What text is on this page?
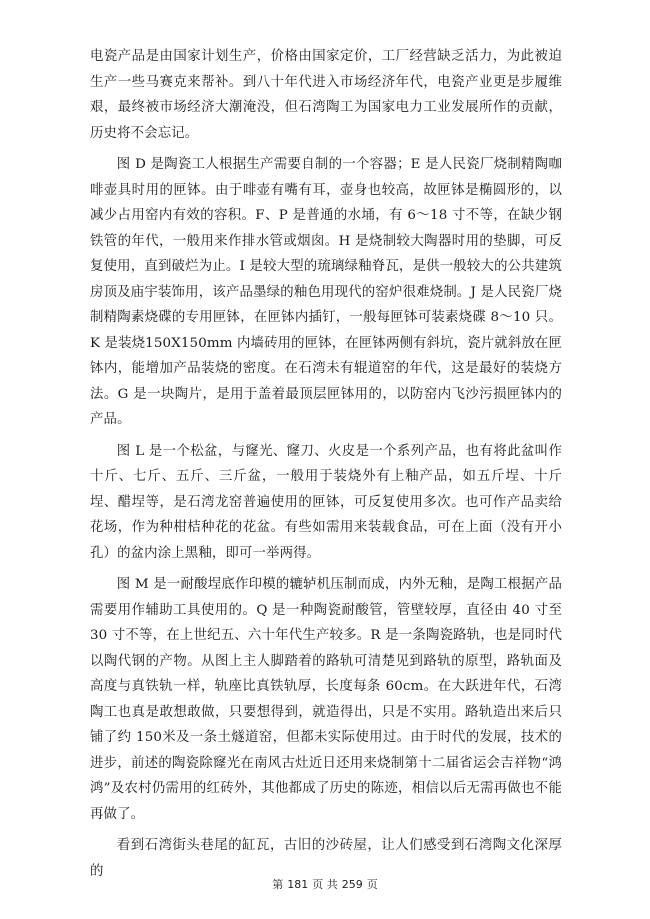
电瓷产品是由国家计划生产，价格由国家定价，工厂经营缺乏活力，为此被迫生产一些马赛克来帮补。到八十年代进入市场经济年代，电瓷产业更是步履维艰，最终被市场经济大潮淹没，但石湾陶工为国家电力工业发展所作的贡献，历史将不会忘记。

图 D 是陶瓷工人根据生产需要自制的一个容器；E 是人民瓷厂烧制精陶咖啡壶具时用的匣钵。由于啡壶有嘴有耳，壶身也较高，故匣钵是椭圆形的，以减少占用窑内有效的容积。F、P 是普通的水埇，有 6～18 寸不等，在缺少钢铁管的年代，一般用来作排水管或烟囱。H 是烧制较大陶器时用的垫脚，可反复使用，直到破烂为止。I 是较大型的琉璃绿釉脊瓦，是供一般较大的公共建筑房顶及庙宇装饰用，该产品墨绿的釉色用现代的窑炉很难烧制。J 是人民瓷厂烧制精陶素烧碟的专用匣钵，在匣钵内插钉，一般每匣钵可装素烧碟 8～10 只。K 是装烧150X150mm 内墙砖用的匣钵，在匣钵两侧有斜坑，瓷片就斜放在匣钵内，能增加产品装烧的密度。在石湾未有辊道窑的年代，这是最好的装烧方法。G 是一块陶片，是用于盖着最顶层匣钵用的，以防窑内飞沙污损匣钵内的产品。

图 L 是一个松盆，与窿光、窿刀、火皮是一个系列产品，也有将此盆叫作十斤、七斤、五斤、三斤盆，一般用于装烧外有上釉产品，如五斤埕、十斤埕、醋埕等，是石湾龙窑普遍使用的匣钵，可反复使用多次。也可作产品卖给花场，作为种柑桔种花的花盆。有些如需用来装载食品，可在上面（没有开小孔）的盆内涂上黑釉，即可一举两得。

图 M 是一耐酸埕底作印模的辘轳机压制而成，内外无釉，是陶工根据产品需要用作辅助工具使用的。Q 是一种陶瓷耐酸管，管壁较厚，直径由 40 寸至 30 寸不等，在上世纪五、六十年代生产较多。R 是一条陶瓷路轨，也是同时代以陶代钢的产物。从图上主人脚踏着的路轨可清楚见到路轨的原型，路轨面及高度与真铁轨一样，轨座比真铁轨厚，长度每条 60cm。在大跃进年代，石湾陶工也真是敢想敢做，只要想得到，就造得出，只是不实用。路轨造出来后只铺了约 150米及一条土燧道窑，但都未实际使用过。由于时代的发展，技术的进步，前述的陶瓷除窿光在南风古灶近日还用来烧制第十二届省运会吉祥物“鸿鸿”及农村仍需用的红砖外，其他都成了历史的陈迹，相信以后无需再做也不能再做了。

看到石湾街头巷尾的缸瓦，古旧的沙砖屋，让人们感受到石湾陶文化深厚的

第 181 页 共 259 页
